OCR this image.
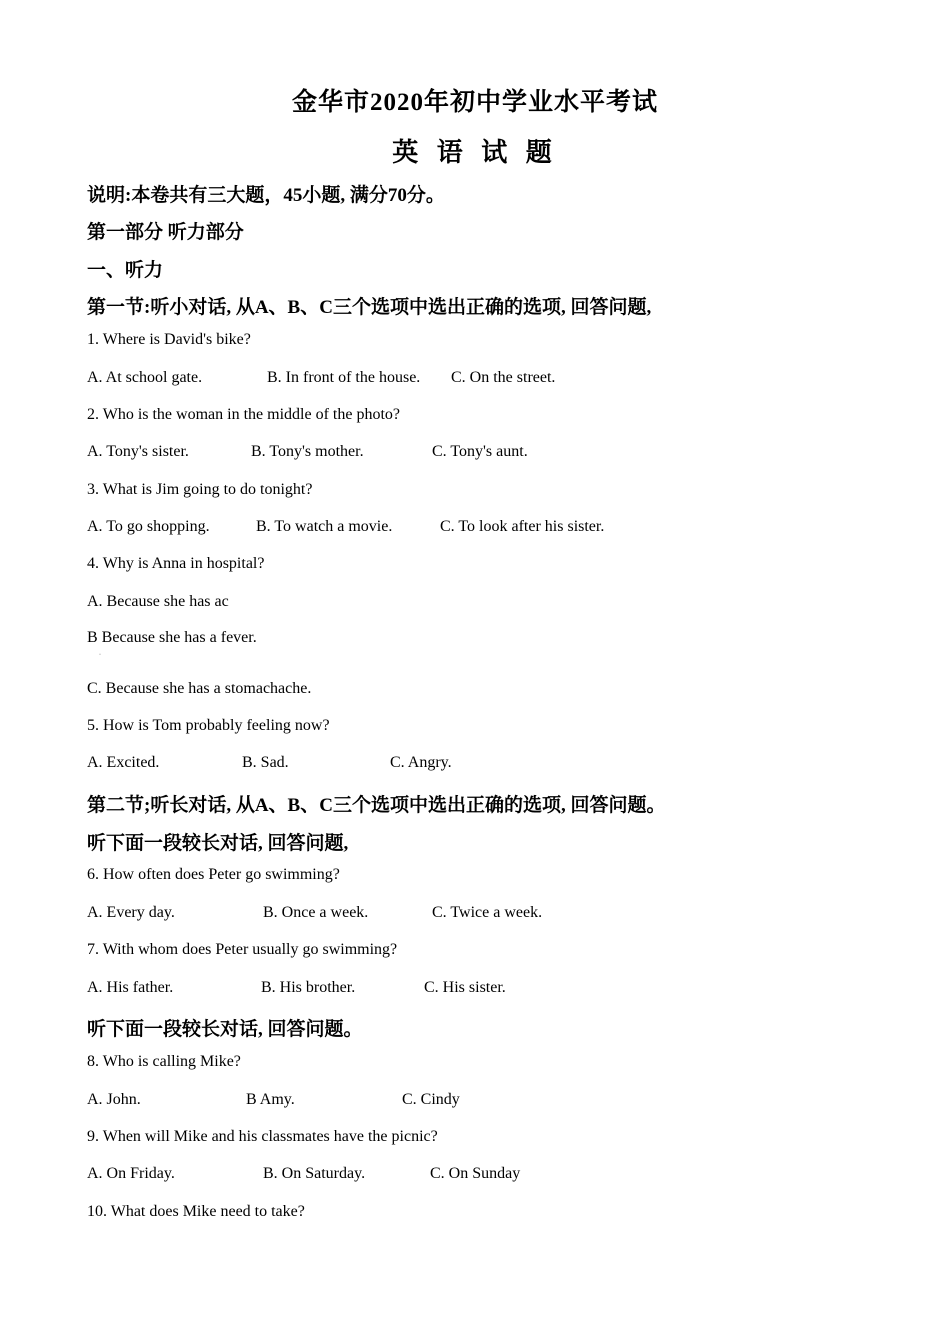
金华市2020年初中学业水平考试
英 语 试 题
说明:本卷共有三大题，45小题, 满分70分。
第一部分 听力部分
一、听力
第一节:听小对话, 从A、B、C三个选项中选出正确的选项, 回答问题,
1. Where is David's bike?
A. At school gate.	B. In front of the house. C. On the street.
2. Who is the woman in the middle of the photo?
A. Tony's sister.	B. Tony's mother.	C. Tony's aunt.
3. What is Jim going to do tonight?
A. To go shopping.	B. To watch a movie.	C. To look after his sister.
4. Why is Anna in hospital?
A. Because she has ac
B Because she has a fever.
·
C. Because she has a stomachache.
5. How is Tom probably feeling now?
A. Excited.	B. Sad.	C. Angry.
第二节;听长对话, 从A、B、C三个选项中选出正确的选项, 回答问题。
听下面一段较长对话, 回答问题,
6. How often does Peter go swimming?
A. Every day.	B. Once a week.	C. Twice a week.
7. With whom does Peter usually go swimming?
A. His father.	B. His brother.	C. His sister.
听下面一段较长对话, 回答问题。
8. Who is calling Mike?
A. John.	B Amy.	C. Cindy
9. When will Mike and his classmates have the picnic?
A. On Friday.	B. On Saturday.	C. On Sunday
10. What does Mike need to take?
